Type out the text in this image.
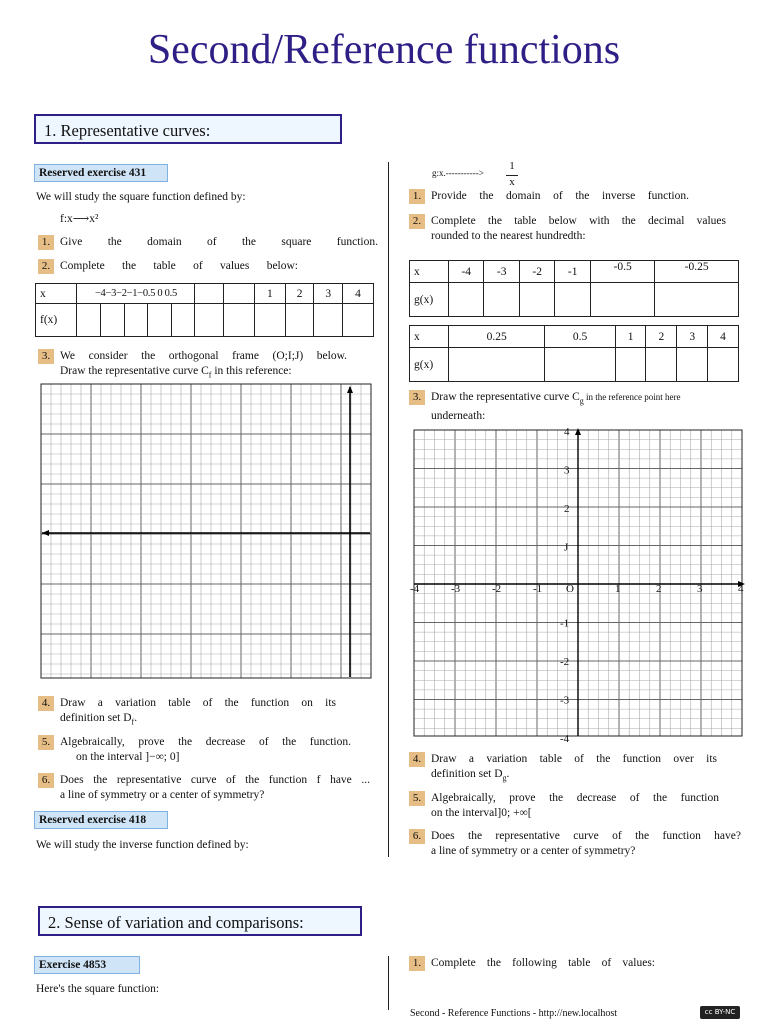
Second/Reference functions
1. Representative curves:
Reserved exercise 431
We will study the square function defined by:
f:x⟶x²
1. Give the domain of the square function.
2. Complete the table of values below:
x	−4−3−2−1−0.5 0 0.5			1	2	3	4
f(x)	

3. We consider the orthogonal frame (O;I;J) below.
Draw the representative curve $C_f$ in this reference:
4. Draw a variation table of the function on its
definition set $D_f$.
5. Algebraically, prove the decrease of the function.
on the interval ]−∞; 0]
6. Does the representative curve of the function f have ...
a line of symmetry or a center of symmetry?
Reserved exercise 418
We will study the inverse function defined by:
2. Sense of variation and comparisons:
Exercise 4853
Here's the square function:
g:x.----------->
1
x
1. Provide the domain of the inverse function.
2. Complete the table below with the decimal values
rounded to the nearest hundredth:
x	-4	-3	-2	-1	-0.5	-0.25
g(x)						
x	0.25	0.5	1	2	3	4
g(x)						
3. Draw the representative curve $C_g$ in the reference point here
underneath:
-4	-3	-2	-1 O	1	2	3	4
4
3
2
J
-1
-2
-3
-4
4. Draw a variation table of the function over its
definition set $D_g$.
5. Algebraically, prove the decrease of the function
on the interval]0; +∞[
6. Does the representative curve of the function have?
a line of symmetry or a center of symmetry?
1. Complete the following table of values:
Second - Reference Functions - http://new.localhost	cc BY-NC
